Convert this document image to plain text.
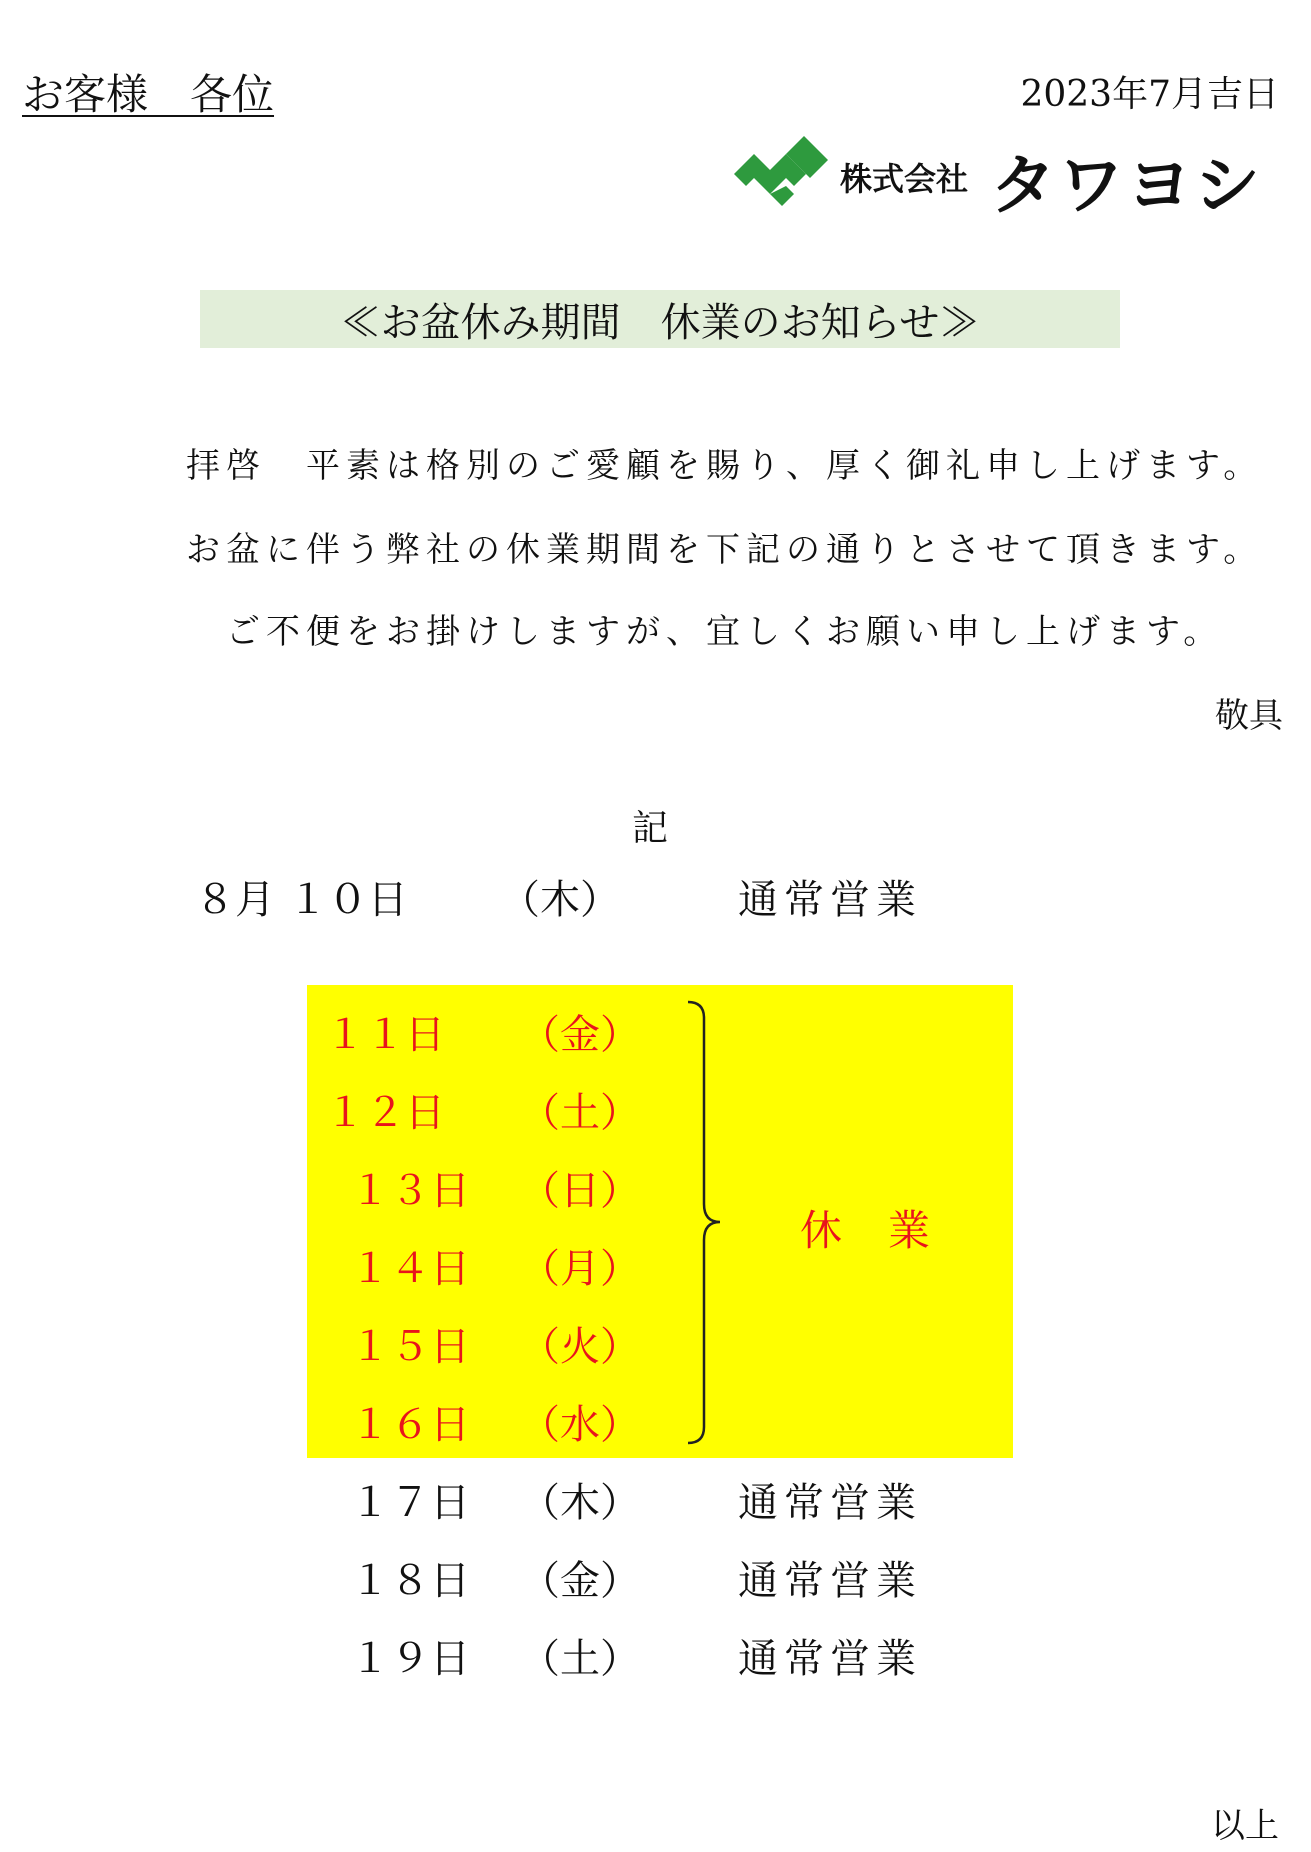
お客様　各位	2023年7月吉日
株式会社 タワヨシ
≪お盆休み期間　休業のお知らせ≫
拝啓　平素は格別のご愛顧を賜り、厚く御礼申し上げます。
お盆に伴う弊社の休業期間を下記の通りとさせて頂きます。
ご不便をお掛けしますが、宜しくお願い申し上げます。
敬具
記
８月 １０日 （木）	通常営業
１１日 （金）
１２日 （土）
１３日 （日）
１４日 （月）
１５日 （火）
１６日 （水）
休　業
１７日 （木） 通常営業
１８日 （金） 通常営業
１９日 （土） 通常営業
以上
